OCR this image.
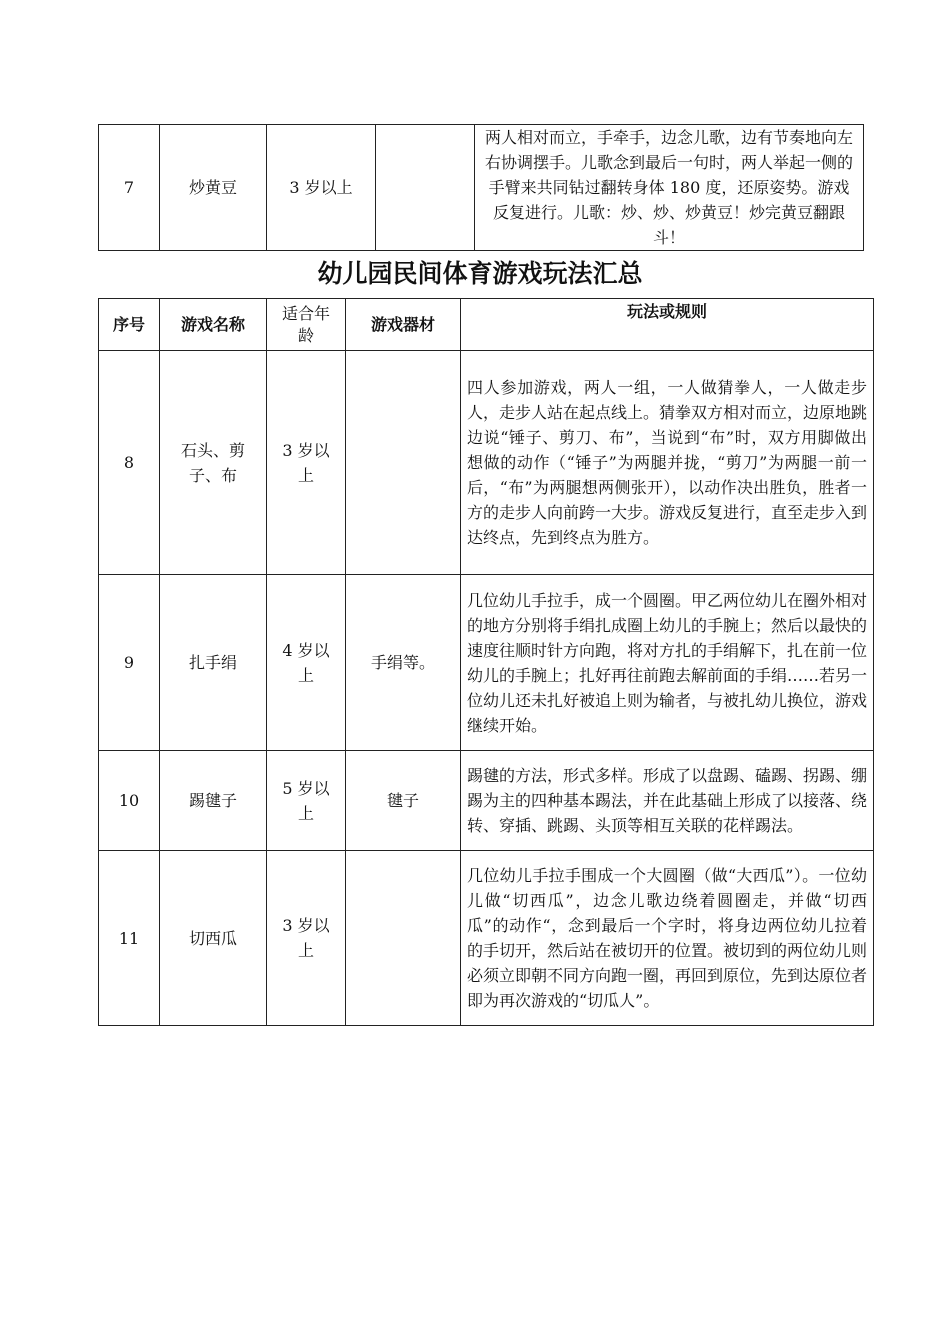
7	炒黄豆	3 岁以上		两人相对而立，手牵手，边念儿歌，边有节奏地向左右协调摆手。儿歌念到最后一句时，两人举起一侧的手臂来共同钻过翻转身体 180 度，还原姿势。游戏反复进行。儿歌：炒、炒、炒黄豆！炒完黄豆翻跟斗！
幼儿园民间体育游戏玩法汇总
序号	游戏名称	适合年龄	游戏器材	玩法或规则
8	石头、剪子、布	3 岁以上		四人参加游戏，两人一组，一人做猜拳人，一人做走步人，走步人站在起点线上。猜拳双方相对而立，边原地跳边说“锤子、剪刀、布”，当说到“布”时，双方用脚做出想做的动作（“锤子”为两腿并拢，“剪刀”为两腿一前一后，“布”为两腿想两侧张开），以动作决出胜负，胜者一方的走步人向前跨一大步。游戏反复进行，直至走步入到达终点，先到终点为胜方。
9	扎手绢	4 岁以上	手绢等。	几位幼儿手拉手，成一个圆圈。甲乙两位幼儿在圈外相对的地方分别将手绢扎成圈上幼儿的手腕上；然后以最快的速度往顺时针方向跑，将对方扎的手绢解下，扎在前一位幼儿的手腕上；扎好再往前跑去解前面的手绢……若另一位幼儿还未扎好被追上则为输者，与被扎幼儿换位，游戏继续开始。
10	踢毽子	5 岁以上	毽子	踢毽的方法，形式多样。形成了以盘踢、磕踢、拐踢、绷踢为主的四种基本踢法，并在此基础上形成了以接落、绕转、穿插、跳踢、头顶等相互关联的花样踢法。
11	切西瓜	3 岁以上		几位幼儿手拉手围成一个大圆圈（做“大西瓜”）。一位幼儿做“切西瓜”，边念儿歌边绕着圆圈走，并做“切西瓜”的动作“，念到最后一个字时，将身边两位幼儿拉着的手切开，然后站在被切开的位置。被切到的两位幼儿则必须立即朝不同方向跑一圈，再回到原位，先到达原位者即为再次游戏的“切瓜人”。
